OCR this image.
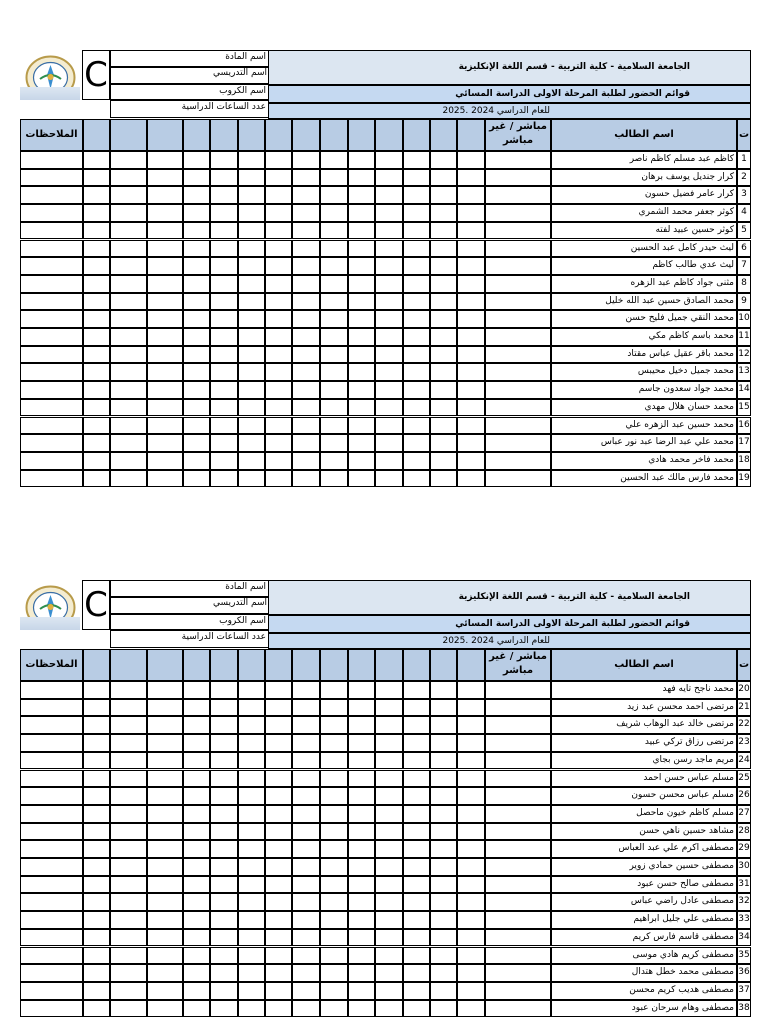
C	اسم المادة
اسم التدريسي
اسم الكروب
عدد الساعات الدراسية
الجامعة السلامية - كلية التربية - قسم اللغة الإنكليزية
قوائم الحضور لطلبة المرحلة الاولى الدراسة المسائي
للعام الدراسي 2024 .2025
الملاحظات
مباشر / غير مباشر
اسم الطالب	ت
كاظم عبد مسلم كاظم ناصر 1
كرار جنديل يوسف برهان 2
كرار عامر فضيل حسون 3
كوثر جعفر محمد الشمري 4
كوثر حسين عبيد لفته 5
ليث حيدر كامل عبد الحسين 6
ليث عدي طالب كاظم 7
مثنى جواد كاظم عبد الزهره 8
محمد الصادق حسين عبد الله خليل 9
محمد النقي جميل فليح حسن 10
محمد باسم كاظم مكي 11
محمد باقر عقيل عباس مقتاد 12
محمد جميل دخيل محيبس 13
محمد جواد سعدون جاسم 14
محمد حسان هلال مهدي 15
محمد حسين عبد الزهره علي 16
محمد علي عبد الرضا عبد نور عباس 17
محمد فاخر محمد هادي 18
محمد فارس مالك عبد الحسين 19
C	اسم المادة
اسم التدريسي
اسم الكروب
عدد الساعات الدراسية
الجامعة السلامية - كلية التربية - قسم اللغة الإنكليزية
قوائم الحضور لطلبة المرحلة الاولى الدراسة المسائي
للعام الدراسي 2024 .2025
الملاحظات
مباشر / غير مباشر
اسم الطالب	ت
محمد ناجح تايه فهد 20
مرتضى احمد محسن عبد زيد 21
مرتضى خالد عبد الوهاب شريف 22
مرتضى رزاق تركي عبيد 23
مريم ماجد رسن بجاي 24
مسلم عباس حسن احمد 25
مسلم عباس محسن حسون 26
مسلم كاظم خيون ماحصل 27
مشاهد حسين ناهي حسن 28
مصطفى اكرم علي عبد العباس 29
مصطفى حسين حمادي زوير 30
مصطفى صالح حسن عبود 31
مصطفى عادل راضي عباس 32
مصطفى علي جليل ابراهيم 33
مصطفى قاسم فارس كريم 34
مصطفى كريم هادي موسى 35
مصطفى محمد خطل هتدال 36
مصطفى هديب كريم محسن 37
مصطفى وهام سرحان عبود 38
